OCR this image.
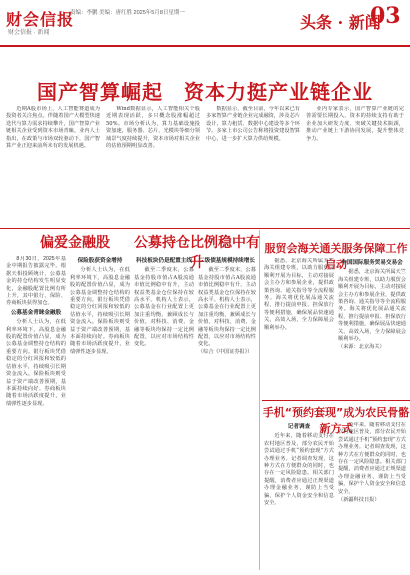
财会信报
财会信报 · 新闻
责编：李鹏 美编：唐红胜 2025年5月8日星期一	头条 · 新闻
03
国产智算崛起　资本力挺产业链企业

近期A股市场上，人工智能赛道成为投资者关注焦点。伴随着国产大模型快速迭代与算力需求持续攀升，国产智算产业链相关企业受到资本市场青睐。业内人士指出，在政策与市场双轮驱动下，国产智算产业正迎来前所未有的发展机遇。

Wind数据显示，人工智能相关个股近期表现活跃，多只概念股涨幅超过50%。市场分析认为，算力基础设施投资加速，服务器、芯片、光模块等细分领域景气度持续提升，资本市场对相关企业的估值预期明显改善。

数据显示，截至目前，今年以来已有多家智算产业链企业完成融资，涉及芯片设计、算力租赁、数据中心建设等多个环节。多家上市公司公告称将投资建设智算中心，进一步扩大算力供给规模。

业内专家表示，国产智算产业链的完善需要长期投入，资本的持续支持有助于企业加大研发力度、突破关键技术瓶颈，推动产业链上下游协同发展，提升整体竞争力。

偏爱金融股

8月30日，2025年基金中期报告披露完毕。根据天相投顾统计，公募基金的持仓结构发生明显变化，金融股配置比例有所上升，其中银行、保险、券商板块获得加仓。

公募基金青睐金融股

分析人士认为，在低利率环境下，高股息金融股的配置价值凸显，成为公募基金调整持仓结构的重要方向。银行板块凭借稳定的分红回报和较低的估值水平，持续吸引长期资金流入。保险板块则受益于资产端改善预期，基本面持续向好。券商板块随着市场活跃度提升，业绩弹性逐步显现。

保险股获资金增持

分析人士认为，在低利率环境下，高股息金融股的配置价值凸显，成为公募基金调整持仓结构的重要方向。银行板块凭借稳定的分红回报和较低的估值水平，持续吸引长期资金流入。保险板块则受益于资产端改善预期，基本面持续向好。券商板块随着市场活跃度提升，业绩弹性逐步显现。

公募持仓比例稳中有升
科技板块仍是配置主线

截至二季度末，公募基金持股市值占A股流通市值比例稳中有升，主动权益类基金仓位保持在较高水平。机构人士表示，公募基金在行业配置上更加注重均衡，兼顾成长与价值，对科技、消费、金融等板块均保持一定比例配置，以应对市场结构性变化。

二级债基规模持续增长

截至二季度末，公募基金持股市值占A股流通市值比例稳中有升，主动权益类基金仓位保持在较高水平。机构人士表示，公募基金在行业配置上更加注重均衡，兼顾成长与价值，对科技、消费、金融等板块均保持一定比例配置，以应对市场结构性变化。

（综合《中国证券报》）
服贸会海关通关服务保障工作启动

据悉，北京海关所属天竺海关组建专班，以助力服贸会顺利开展为目标，主动对接展会主办方和参展企业，提供政策咨询、通关指导等全流程服务。海关将优化展品通关流程，推行提前申报、担保放行等便利措施，确保展品快速通关、高效入场，全力保障展会顺利举办。

中国国际服务贸易交易会

据悉，北京海关所属天竺海关组建专班，以助力服贸会顺利开展为目标，主动对接展会主办方和参展企业，提供政策咨询、通关指导等全流程服务。海关将优化展品通关流程，推行提前申报、担保放行等便利措施，确保展品快速通关、高效入场，全力保障展会顺利举办。

（来源：北京海关）
手机“预约套现”成为农民骨骼新方式
记者调查

近年来，随着移动支付在农村地区普及，部分农民开始尝试通过手机“预约套现”方式办理业务。记者调查发现，这种方式在方便群众的同时，也存在一定风险隐患。相关部门提醒，消费者应通过正规渠道办理金融业务，谨防上当受骗，保护个人资金安全和信息安全。

近年来，随着移动支付在农村地区普及，部分农民开始尝试通过手机“预约套现”方式办理业务。记者调查发现，这种方式在方便群众的同时，也存在一定风险隐患。相关部门提醒，消费者应通过正规渠道办理金融业务，谨防上当受骗，保护个人资金安全和信息安全。

（新疆科技日报）
